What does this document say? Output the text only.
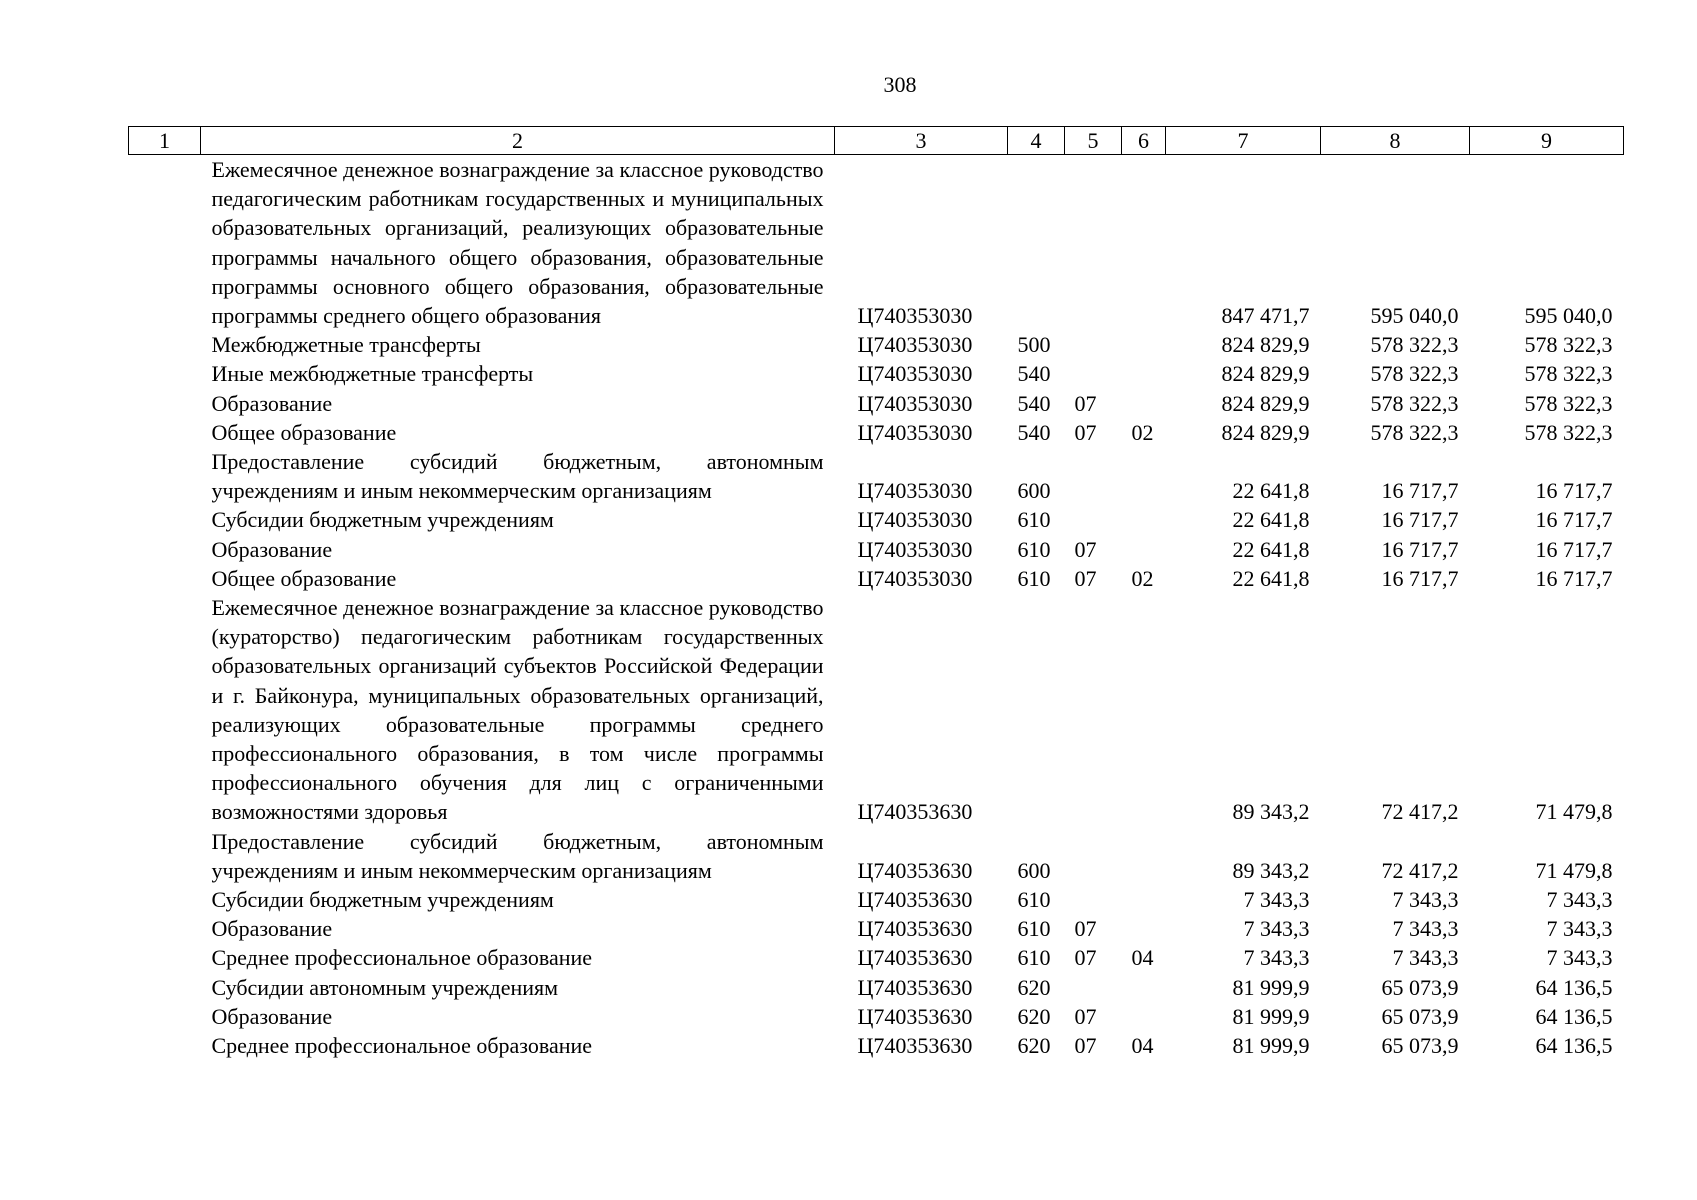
308
1	2	3	4	5	6	7	8	9
	Ежемесячное денежное вознаграждение за классное руководство педагогическим работникам государственных и муниципальных образовательных организаций, реализующих образовательные программы начального общего образования, образовательные программы основного общего образования, образовательные программы среднего общего образования	Ц740353030				847 471,7	595 040,0	595 040,0
	Межбюджетные трансферты	Ц740353030	500			824 829,9	578 322,3	578 322,3
	Иные межбюджетные трансферты	Ц740353030	540			824 829,9	578 322,3	578 322,3
	Образование	Ц740353030	540	07		824 829,9	578 322,3	578 322,3
	Общее образование	Ц740353030	540	07	02	824 829,9	578 322,3	578 322,3
	Предоставление субсидий бюджетным, автономным учреждениям и иным некоммерческим организациям	Ц740353030	600			22 641,8	16 717,7	16 717,7
	Субсидии бюджетным учреждениям	Ц740353030	610			22 641,8	16 717,7	16 717,7
	Образование	Ц740353030	610	07		22 641,8	16 717,7	16 717,7
	Общее образование	Ц740353030	610	07	02	22 641,8	16 717,7	16 717,7
	Ежемесячное денежное вознаграждение за классное руководство (кураторство) педагогическим работникам государственных образовательных организаций субъектов Российской Федерации и г. Байконура, муниципальных образовательных организаций, реализующих образовательные программы среднего профессионального образования, в том числе программы профессионального обучения для лиц с ограниченными возможностями здоровья	Ц740353630				89 343,2	72 417,2	71 479,8
	Предоставление субсидий бюджетным, автономным учреждениям и иным некоммерческим организациям	Ц740353630	600			89 343,2	72 417,2	71 479,8
	Субсидии бюджетным учреждениям	Ц740353630	610			7 343,3	7 343,3	7 343,3
	Образование	Ц740353630	610	07		7 343,3	7 343,3	7 343,3
	Среднее профессиональное образование	Ц740353630	610	07	04	7 343,3	7 343,3	7 343,3
	Субсидии автономным учреждениям	Ц740353630	620			81 999,9	65 073,9	64 136,5
	Образование	Ц740353630	620	07		81 999,9	65 073,9	64 136,5
	Среднее профессиональное образование	Ц740353630	620	07	04	81 999,9	65 073,9	64 136,5
